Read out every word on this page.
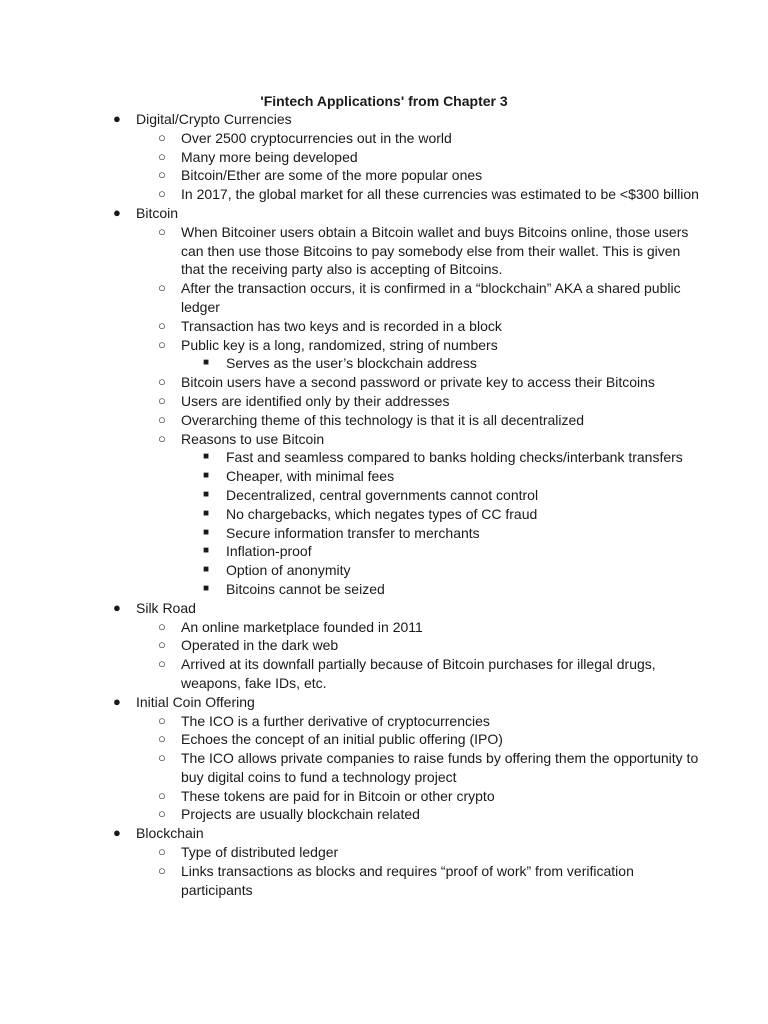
'Fintech Applications' from Chapter 3
● Digital/Crypto Currencies
○ Over 2500 cryptocurrencies out in the world
○ Many more being developed
○ Bitcoin/Ether are some of the more popular ones
○ In 2017, the global market for all these currencies was estimated to be <$300 billion
● Bitcoin
○ When Bitcoiner users obtain a Bitcoin wallet and buys Bitcoins online, those users can then use those Bitcoins to pay somebody else from their wallet. This is given that the receiving party also is accepting of Bitcoins.
○ After the transaction occurs, it is confirmed in a “blockchain” AKA a shared public ledger
○ Transaction has two keys and is recorded in a block
○ Public key is a long, randomized, string of numbers
■ Serves as the user’s blockchain address
○ Bitcoin users have a second password or private key to access their Bitcoins
○ Users are identified only by their addresses
○ Overarching theme of this technology is that it is all decentralized
○ Reasons to use Bitcoin
■ Fast and seamless compared to banks holding checks/interbank transfers
■ Cheaper, with minimal fees
■ Decentralized, central governments cannot control
■ No chargebacks, which negates types of CC fraud
■ Secure information transfer to merchants
■ Inflation-proof
■ Option of anonymity
■ Bitcoins cannot be seized
● Silk Road
○ An online marketplace founded in 2011
○ Operated in the dark web
○ Arrived at its downfall partially because of Bitcoin purchases for illegal drugs, weapons, fake IDs, etc.
● Initial Coin Offering
○ The ICO is a further derivative of cryptocurrencies
○ Echoes the concept of an initial public offering (IPO)
○ The ICO allows private companies to raise funds by offering them the opportunity to buy digital coins to fund a technology project
○ These tokens are paid for in Bitcoin or other crypto
○ Projects are usually blockchain related
● Blockchain
○ Type of distributed ledger
○ Links transactions as blocks and requires “proof of work” from verification participants
